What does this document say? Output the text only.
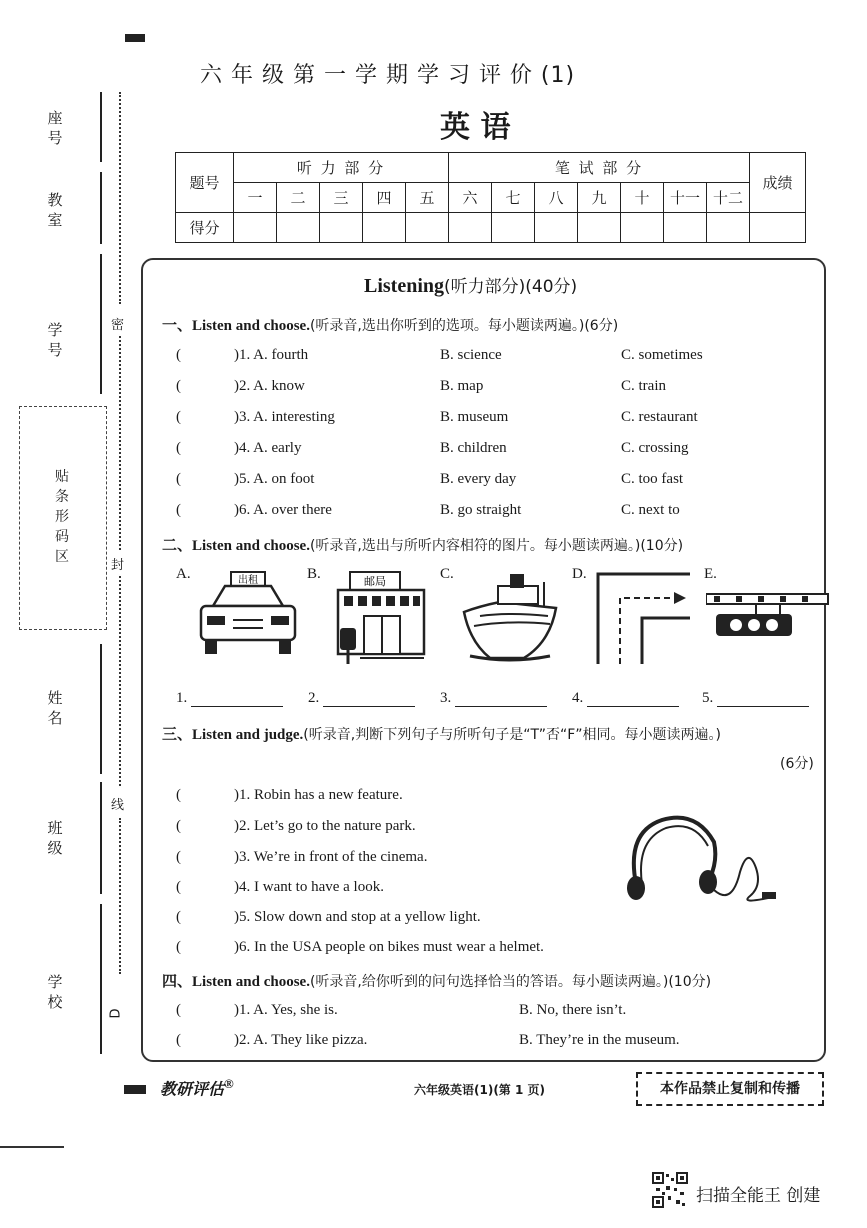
座号
教室
学号
姓名
班级
学校
贴条形码区
密
封
线
D
六 年 级 第 一 学 期 学 习 评 价 (1)
英 语
题号	听 力 部 分					笔 试 部 分							成绩
	一	二	三	四	五	六	七	八	九	十	十一	十二	
得分													
Listening(听力部分)(40分)
一、Listen and choose.(听录音,选出你听到的选项。每小题读两遍。)(6分)
(	)1. A. fourth	B. science	C. sometimes
(	)2. A. know	B. map	C. train
(	)3. A. interesting	B. museum	C. restaurant
(	)4. A. early	B. children	C. crossing
(	)5. A. on foot	B. every day	C. too fast
(	)6. A. over there	B. go straight	C. next to
二、Listen and choose.(听录音,选出与所听内容相符的图片。每小题读两遍。)(10分)
A.	B.	C.	D.	E.
出租	邮局
1.	2.	3.	4.	5.
三、Listen and judge.(听录音,判断下列句子与所听句子是“T”否“F”相同。每小题读两遍。)
(6分)
(	)1. Robin has a new feature.
(	)2. Let’s go to the nature park.
(	)3. We’re in front of the cinema.
(	)4. I want to have a look.
(	)5. Slow down and stop at a yellow light.
(	)6. In the USA people on bikes must wear a helmet.
四、Listen and choose.(听录音,给你听到的问句选择恰当的答语。每小题读两遍。)(10分)
(	)1. A. Yes, she is.	B. No, there isn’t.
(	)2. A. They like pizza.	B. They’re in the museum.
教研评估®	六年级英语(1)(第 1 页)	本作品禁止复制和传播
扫描全能王 创建
